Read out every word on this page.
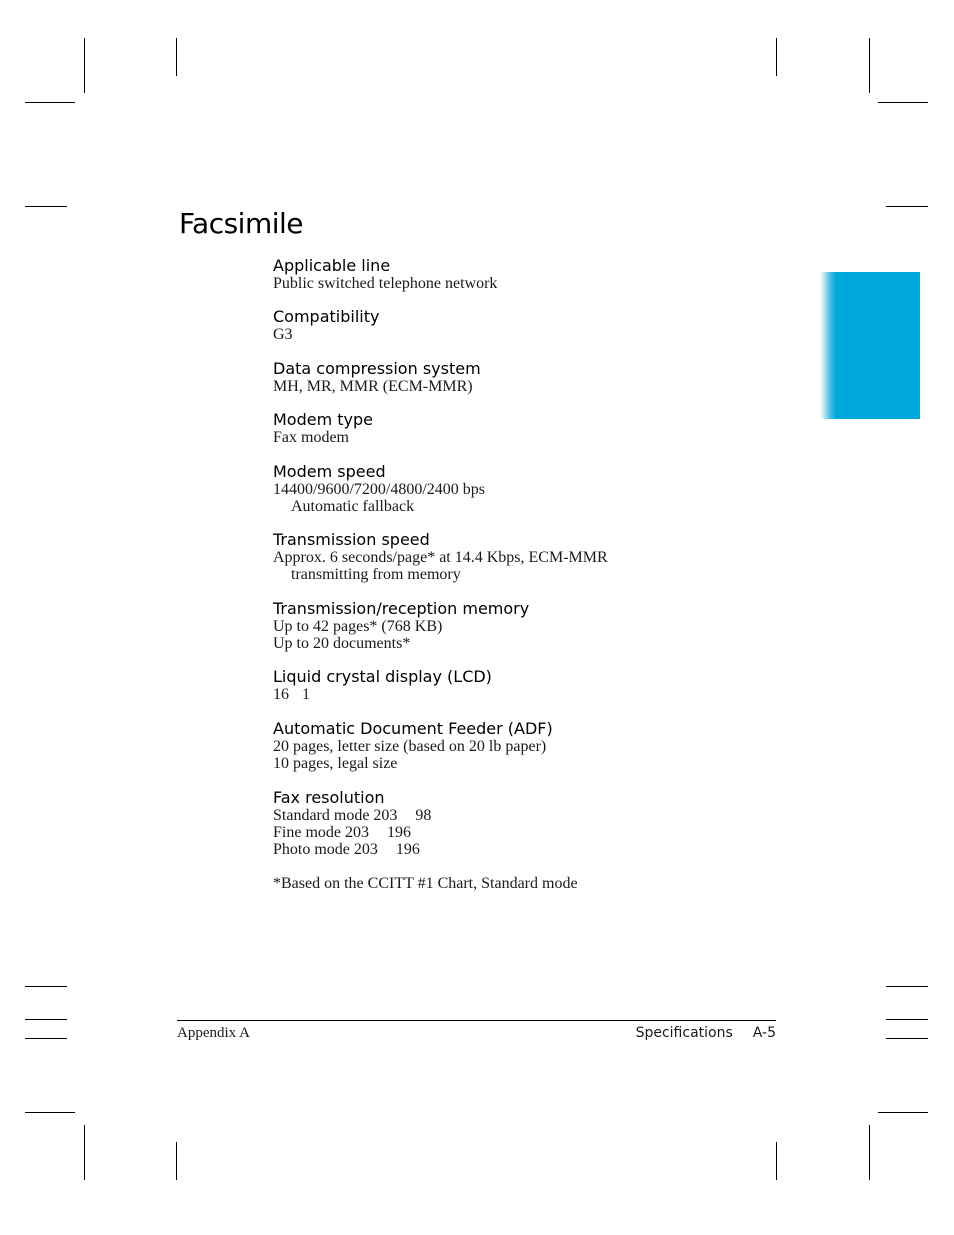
Facsimile
Applicable line
Public switched telephone network
Compatibility
G3
Data compression system
MH, MR, MMR (ECM-MMR)
Modem type
Fax modem
Modem speed
14400/9600/7200/4800/2400 bps
Automatic fallback
Transmission speed
Approx. 6 seconds/page* at 14.4 Kbps, ECM-MMR
transmitting from memory
Transmission/reception memory
Up to 42 pages* (768 KB)
Up to 20 documents*
Liquid crystal display (LCD)
16 1
Automatic Document Feeder (ADF)
20 pages, letter size (based on 20 lb paper)
10 pages, legal size
Fax resolution
Standard mode 203 98
Fine mode 203 196
Photo mode 203 196
*Based on the CCITT #1 Chart, Standard mode
Appendix A	Specifications A-5
